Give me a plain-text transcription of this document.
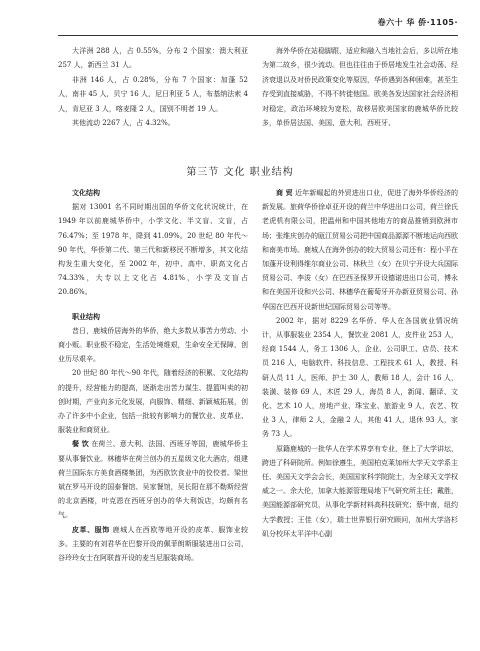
卷六十 华 侨·1105·

大洋洲 288 人，占 0.55%，分布 2 个国家：澳大利亚 257 人，新西兰 31 人。

非洲 146 人，占 0.28%，分布 7 个国家：加蓬 52 人，南非 45 人，贝宁 16 人，尼日利亚 5 人，布基纳法索 4 人，肯尼亚 3 人，喀麦隆 2 人，国别不明者 19 人。

其他流动 2267 人，占 4.32%。

海外华侨在站稳脚跟，适应和融入当地社会后，多以所在地为第二故乡，很少流动。但也往往由于侨居地发生社会动荡、经济衰退以及对侨民政策变化等原因，华侨遇到各种困难，甚至生存受到直接威胁，不得不转徙他国。欧美各发达国家社会经济相对稳定，政治环境较为宽松，故移居欧美国家的鹿城华侨比较多，单侨居法国、美国、意大利、西班牙、

第三节 文化 职业结构

文化结构

据对 13001 名不同时期出国的华侨文化状况统计，在 1949 年以前鹿城华侨中，小学文化、半文盲、文盲，占 76.47%；至 1978 年，降到 41.09%。20 世纪 80 年代～90 年代，华侨第二代、第三代和新移民不断增多，其文化结构发生重大变化，至 2002 年，初中、高中、职高文化占 74.33%，大专以上文化占 4.81%，小学及文盲占 20.86%。

职业结构

昔日，鹿城侨居海外的华侨，绝大多数从事苦力劳动、小商小贩。职业极不稳定，生活处境维艰，生命安全无保障，创业历尽艰辛。

20 世纪 80 年代～90 年代，随着经济的积累、文化结构的提升，经营能力的提高，逐渐走出苦力谋生、提篮叫卖的初创时期，产业向多元化发展，向服饰、精细、新颖城拓展，创办了许多中小企业，包括一批较有影响力的餐饮业、皮革业、服装业和商贸业。

餐 饮 在荷兰、意大利、法国、西班牙等国，鹿城华侨主要从事餐饮业。林穗华在荷兰创办的五星级文化大酒店，组建荷兰国际东方美食酒楼集团，为西欧饮食业中的佼佼者。梁世斌在罗马开设的国泰餐馆、吴家餐馆，吴长阳在那不勒斯经营的北京酒楼，叶克恩在西班牙创办的华大利饭店，均颇有名气。

皮革、服饰 鹿城人在西欧等地开设的皮革、服饰业较多。主要的有刘君华在巴黎开设的佩菲朗斯服装进出口公司，谷玲玲女士在阿联酋开设的麦当尼服装商场。

商 贸 近年新崛起的外贸进出口业，促进了海外华侨经济的新发展。旅荷华侨徐卓亚开设的荷兰中华进出口公司，荷兰徐氏老虎机有限公司，把温州和中国其他地方的商品推销到欧洲市场；张维庆创办的瓯江贸易公司把中国商品源源不断地运向西欧和南美市场。鹿城人在海外创办的较大贸易公司还有：程小平在加蓬开设利得维尔商业公司、林秋兰（女）在贝宁开设大兵国际贸易公司、李浚（女）在巴西圣保罗开设德诺进出口公司，傅永和在美国开设和兴公司、林穗华在葡萄牙开办新亚贸易公司、孙华国在巴西开设新世纪国际贸易公司等等。

2002 年，据对 8229 名华侨、华人在各国就业情况统计，从事服装业 2354 人，餐饮业 2081 人，皮件业 253 人，经商 1544 人，务工 1306 人，企业、公司职工、店员、技术员 216 人，电脑软件、科技信息、工程技术 61 人，教授、科研人员 11 人，医师、护士 30 人，教师 18 人，会计 16 人，装潢、装修 69 人，木匠 29 人，海员 8 人，新闻、翻译、文化、艺术 10 人，房地产业、珠宝业、旅游业 9 人，农艺、牧业 3 人，律师 2 人，金融 2 人，其他 41 人，退休 93 人，家务 73 人。

原籍鹿城的一批华人在学术界享有专业，登上了大学讲坛，跨进了科研院所。例如徐遵生，美国柏克莱加州大学天文学系主任、美国天文学会会长，美国国家科学院院士，为全球天文学权威之一。余大伦，加拿大能源管理局地下气研究所主任；戴胜，美国能源部研究员，从事化学新材料高科技研究；蔡中南，纽约大学教授；王佳（女），瑞士世界银行研究顾问，加州大学洛杉矶分校环太平洋中心副
